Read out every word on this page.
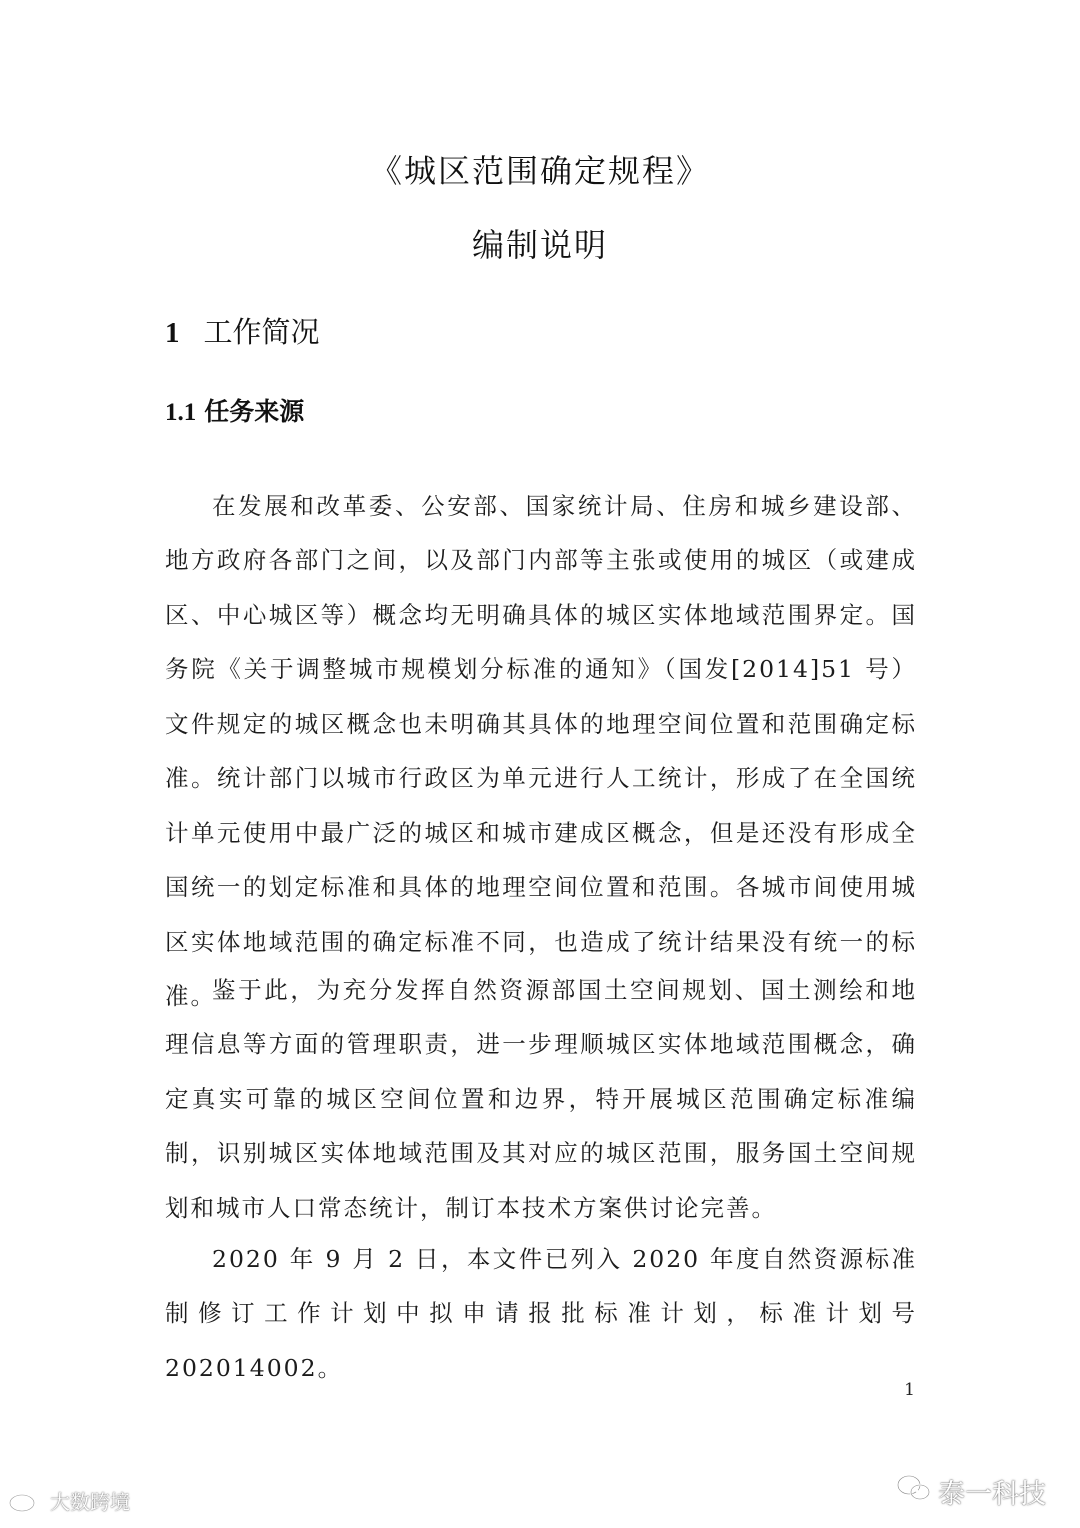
《城区范围确定规程》
编制说明
1 工作简况
1.1 任务来源

在发展和改革委、公安部、国家统计局、住房和城乡建设部、地方政府各部门之间，以及部门内部等主张或使用的城区（或建成区、中心城区等）概念均无明确具体的城区实体地域范围界定。国务院《关于调整城市规模划分标准的通知》（国发[2014]51 号）文件规定的城区概念也未明确其具体的地理空间位置和范围确定标准。统计部门以城市行政区为单元进行人工统计，形成了在全国统计单元使用中最广泛的城区和城市建成区概念，但是还没有形成全国统一的划定标准和具体的地理空间位置和范围。各城市间使用城区实体地域范围的确定标准不同，也造成了统计结果没有统一的标准。

鉴于此，为充分发挥自然资源部国土空间规划、国土测绘和地理信息等方面的管理职责，进一步理顺城区实体地域范围概念，确定真实可靠的城区空间位置和边界，特开展城区范围确定标准编制，识别城区实体地域范围及其对应的城区范围，服务国土空间规划和城市人口常态统计，制订本技术方案供讨论完善。

2020 年 9 月 2 日，本文件已列入 2020 年度自然资源标准制修订工作计划中拟申请报批标准计划，标准计划号 202014002。

1
大数跨境	泰一科技
